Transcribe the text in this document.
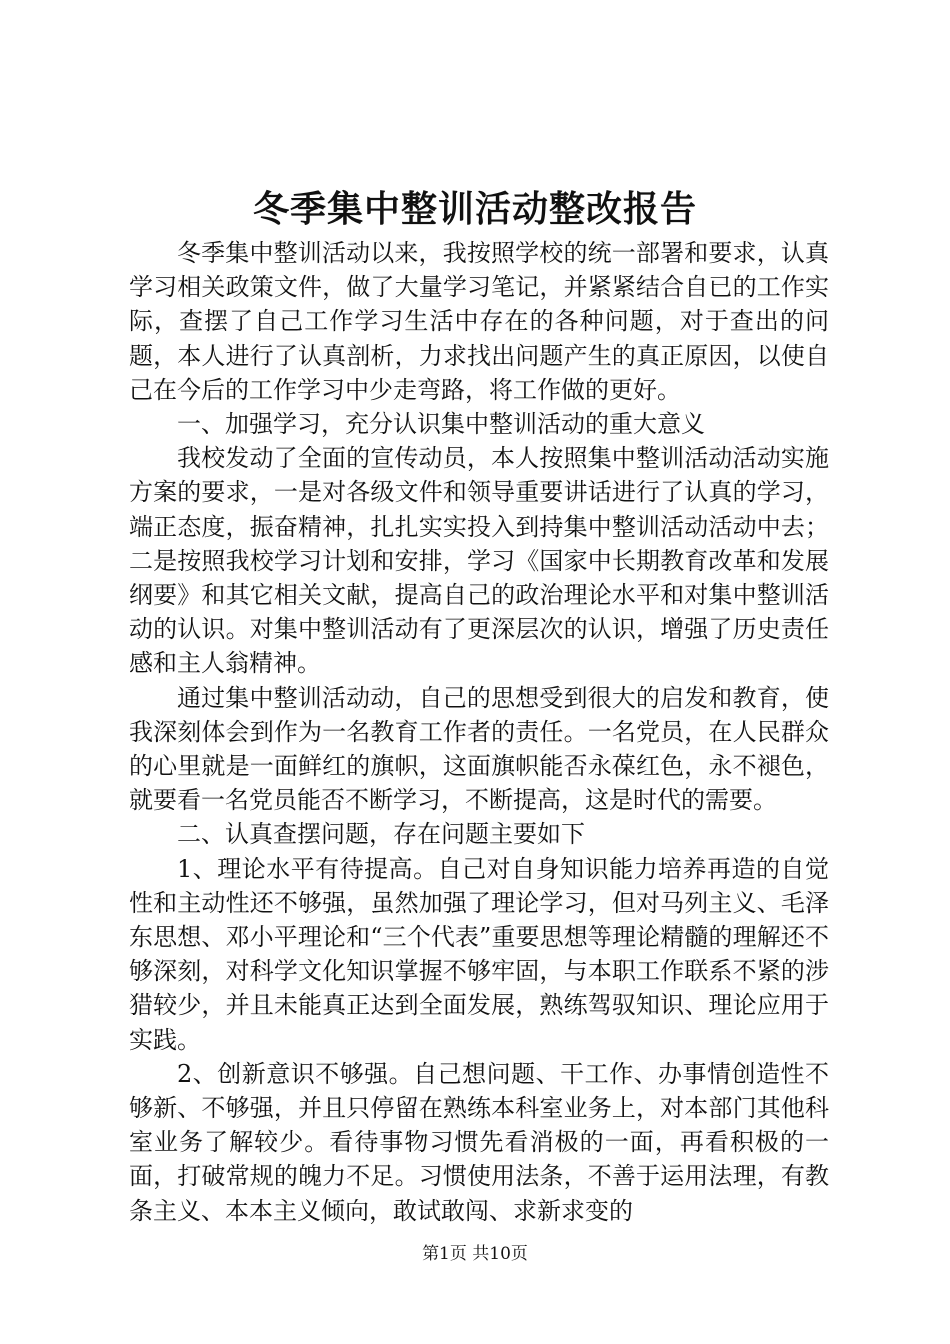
冬季集中整训活动整改报告

冬季集中整训活动以来，我按照学校的统一部署和要求，认真学习相关政策文件，做了大量学习笔记，并紧紧结合自已的工作实际，查摆了自己工作学习生活中存在的各种问题，对于查出的问题，本人进行了认真剖析，力求找出问题产生的真正原因，以使自己在今后的工作学习中少走弯路，将工作做的更好。

一、加强学习，充分认识集中整训活动的重大意义

我校发动了全面的宣传动员，本人按照集中整训活动活动实施方案的要求，一是对各级文件和领导重要讲话进行了认真的学习，端正态度，振奋精神，扎扎实实投入到持集中整训活动活动中去；二是按照我校学习计划和安排，学习《国家中长期教育改革和发展纲要》和其它相关文献，提高自己的政治理论水平和对集中整训活动的认识。对集中整训活动有了更深层次的认识，增强了历史责任感和主人翁精神。

通过集中整训活动动，自己的思想受到很大的启发和教育，使我深刻体会到作为一名教育工作者的责任。一名党员，在人民群众的心里就是一面鲜红的旗帜，这面旗帜能否永葆红色，永不褪色，就要看一名党员能否不断学习，不断提高，这是时代的需要。

二、认真查摆问题，存在问题主要如下

1、理论水平有待提高。自己对自身知识能力培养再造的自觉性和主动性还不够强，虽然加强了理论学习，但对马列主义、毛泽东思想、邓小平理论和“三个代表”重要思想等理论精髓的理解还不够深刻，对科学文化知识掌握不够牢固，与本职工作联系不紧的涉猎较少，并且未能真正达到全面发展，熟练驾驭知识、理论应用于实践。

2、创新意识不够强。自己想问题、干工作、办事情创造性不够新、不够强，并且只停留在熟练本科室业务上，对本部门其他科室业务了解较少。看待事物习惯先看消极的一面，再看积极的一面，打破常规的魄力不足。习惯使用法条，不善于运用法理，有教条主义、本本主义倾向，敢试敢闯、求新求变的

第1页 共10页
